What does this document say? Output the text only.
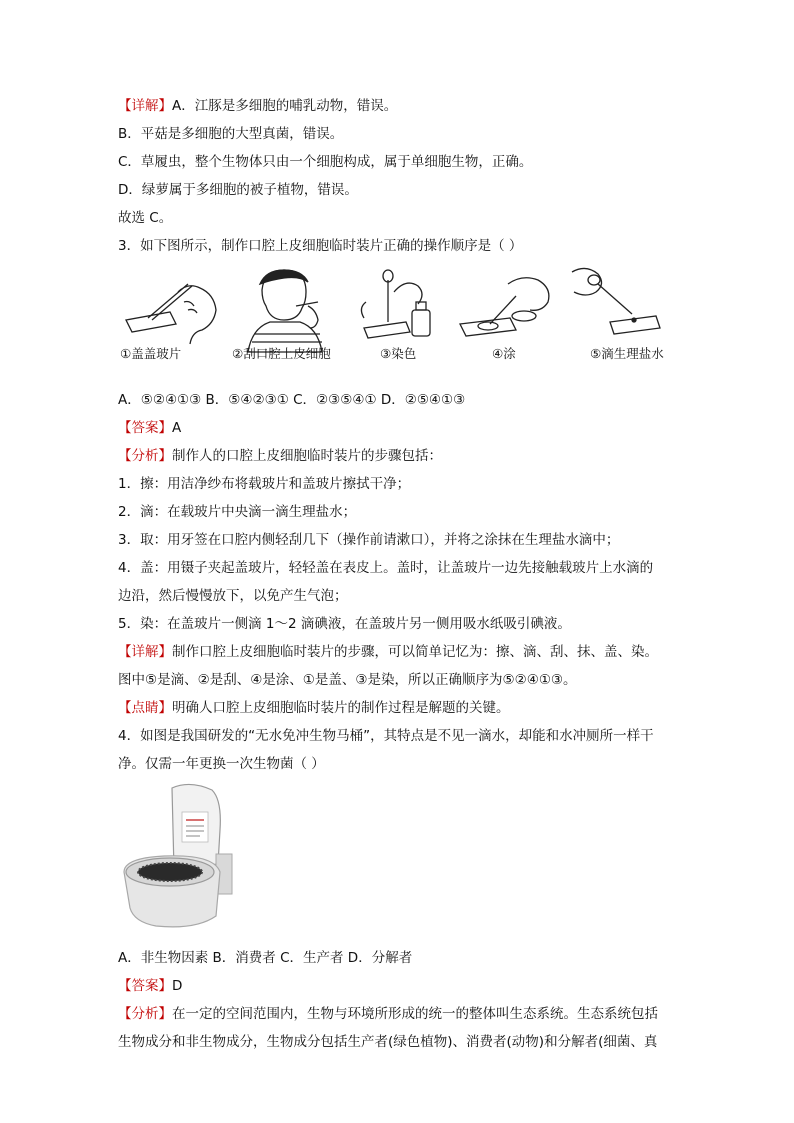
【详解】A．江豚是多细胞的哺乳动物，错误。
B．平菇是多细胞的大型真菌，错误。
C．草履虫，整个生物体只由一个细胞构成，属于单细胞生物，正确。
D．绿萝属于多细胞的被子植物，错误。
故选 C。
3．如下图所示，制作口腔上皮细胞临时装片正确的操作顺序是（ ）
①盖盖玻片	②刮口腔上皮细胞	③染色	④涂	⑤滴生理盐水
A．⑤②④①③ B．⑤④②③① C．②③⑤④① D．②⑤④①③
【答案】A
【分析】制作人的口腔上皮细胞临时装片的步骤包括：
1．擦：用洁净纱布将载玻片和盖玻片擦拭干净；
2．滴：在载玻片中央滴一滴生理盐水；
3．取：用牙签在口腔内侧轻刮几下（操作前请漱口），并将之涂抹在生理盐水滴中；
4．盖：用镊子夹起盖玻片，轻轻盖在表皮上。盖时，让盖玻片一边先接触载玻片上水滴的
边沿，然后慢慢放下，以免产生气泡；
5．染：在盖玻片一侧滴 1～2 滴碘液，在盖玻片另一侧用吸水纸吸引碘液。
【详解】制作口腔上皮细胞临时装片的步骤，可以简单记忆为：擦、滴、刮、抹、盖、染。
图中⑤是滴、②是刮、④是涂、①是盖、③是染，所以正确顺序为⑤②④①③。
【点睛】明确人口腔上皮细胞临时装片的制作过程是解题的关键。
4．如图是我国研发的“无水免冲生物马桶”，其特点是不见一滴水，却能和水冲厕所一样干
净。仅需一年更换一次生物菌（ ）
A．非生物因素 B．消费者 C．生产者 D．分解者
【答案】D
【分析】在一定的空间范围内，生物与环境所形成的统一的整体叫生态系统。生态系统包括
生物成分和非生物成分，生物成分包括生产者(绿色植物)、消费者(动物)和分解者(细菌、真
